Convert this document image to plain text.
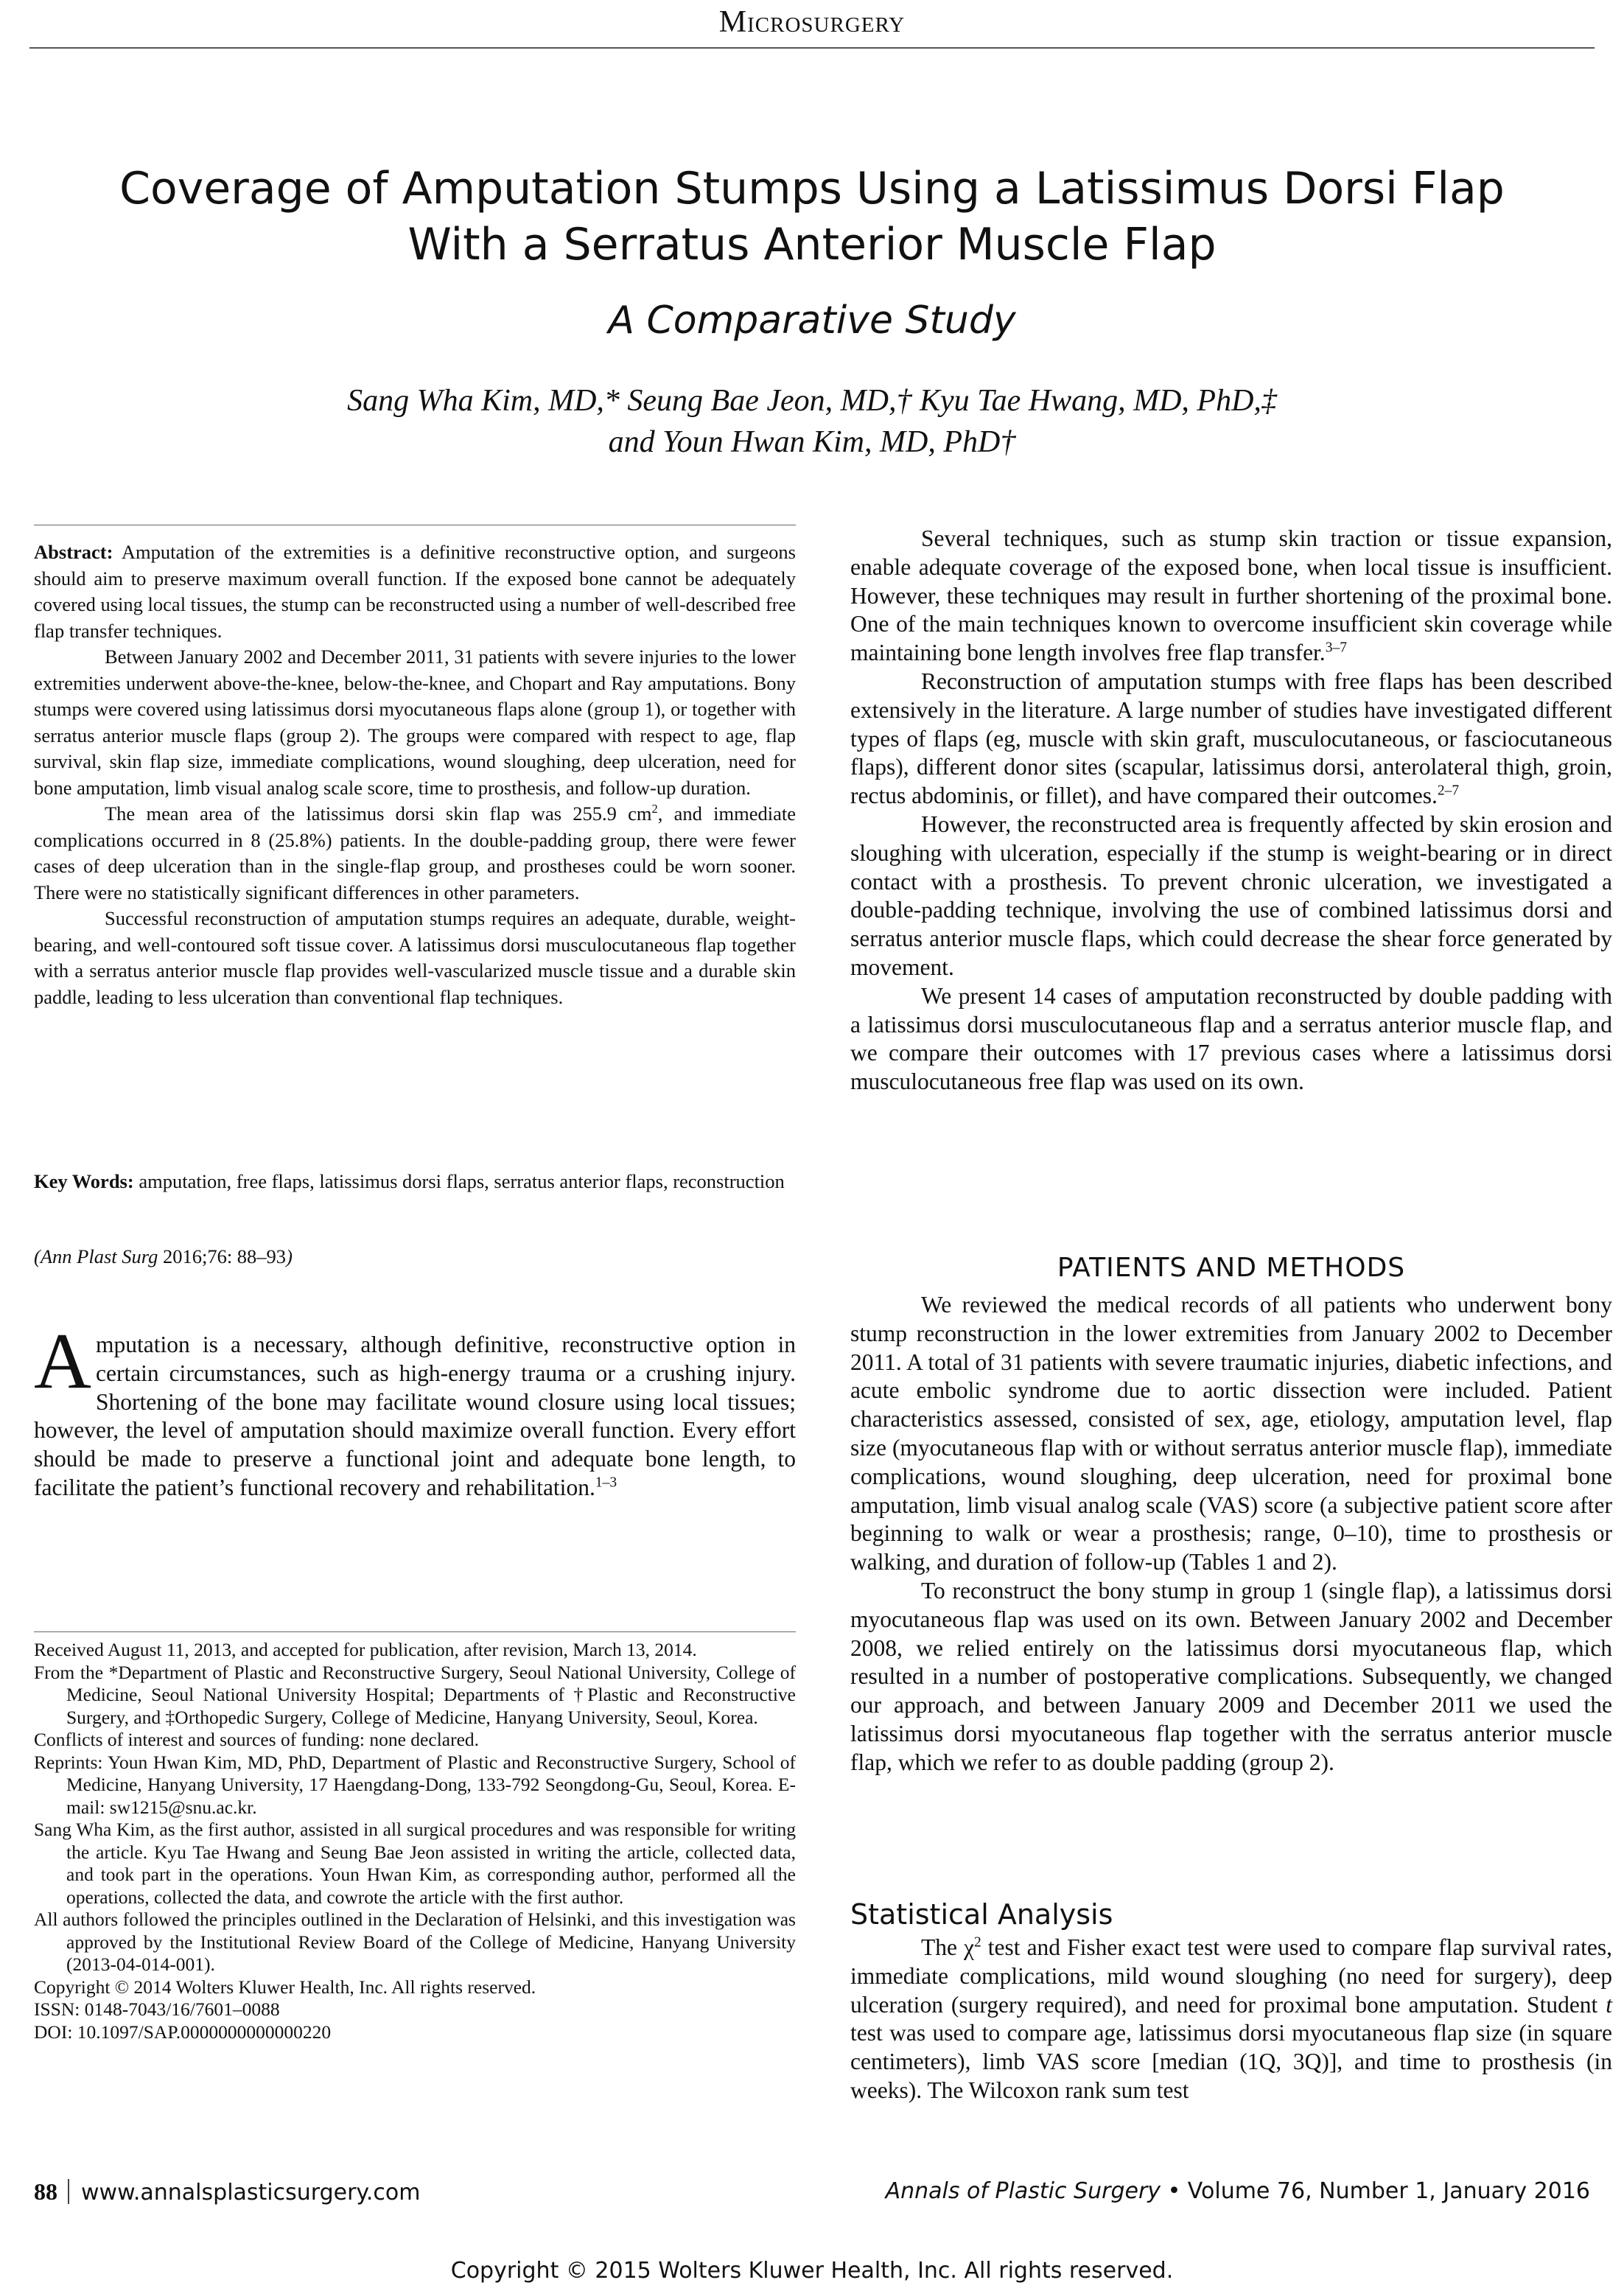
Microsurgery
Coverage of Amputation Stumps Using a Latissimus Dorsi Flap With a Serratus Anterior Muscle Flap
A Comparative Study
Sang Wha Kim, MD,* Seung Bae Jeon, MD,† Kyu Tae Hwang, MD, PhD,‡
and Youn Hwan Kim, MD, PhD†

Abstract: Amputation of the extremities is a definitive reconstructive option, and surgeons should aim to preserve maximum overall function. If the exposed bone cannot be adequately covered using local tissues, the stump can be reconstructed using a number of well-described free flap transfer techniques.

Between January 2002 and December 2011, 31 patients with severe injuries to the lower extremities underwent above-the-knee, below-the-knee, and Chopart and Ray amputations. Bony stumps were covered using latissimus dorsi myocutaneous flaps alone (group 1), or together with serratus anterior muscle flaps (group 2). The groups were compared with respect to age, flap survival, skin flap size, immediate complications, wound sloughing, deep ulceration, need for bone amputation, limb visual analog scale score, time to prosthesis, and follow-up duration.

The mean area of the latissimus dorsi skin flap was 255.9 $cm^2$, and immediate complications occurred in 8 (25.8%) patients. In the double-padding group, there were fewer cases of deep ulceration than in the single-flap group, and prostheses could be worn sooner. There were no statistically significant differences in other parameters.

Successful reconstruction of amputation stumps requires an adequate, durable, weight-bearing, and well-contoured soft tissue cover. A latissimus dorsi musculocutaneous flap together with a serratus anterior muscle flap provides well-vascularized muscle tissue and a durable skin paddle, leading to less ulceration than conventional flap techniques.

Key Words: amputation, free flaps, latissimus dorsi flaps, serratus anterior flaps, reconstruction
(Ann Plast Surg 2016;76: 88–93)

Amputation is a necessary, although definitive, reconstructive option in certain circumstances, such as high-energy trauma or a crushing injury. Shortening of the bone may facilitate wound closure using local tissues; however, the level of amputation should maximize overall function. Every effort should be made to preserve a functional joint and adequate bone length, to facilitate the patient’s functional recovery and rehabilitation.$^{1-3}$

Received August 11, 2013, and accepted for publication, after revision, March 13, 2014.

From the *Department of Plastic and Reconstructive Surgery, Seoul National University, College of Medicine, Seoul National University Hospital; Departments of †Plastic and Reconstructive Surgery, and ‡Orthopedic Surgery, College of Medicine, Hanyang University, Seoul, Korea.

Conflicts of interest and sources of funding: none declared.

Reprints: Youn Hwan Kim, MD, PhD, Department of Plastic and Reconstructive Surgery, School of Medicine, Hanyang University, 17 Haengdang-Dong, 133-792 Seongdong-Gu, Seoul, Korea. E-mail: sw1215@snu.ac.kr.

Sang Wha Kim, as the first author, assisted in all surgical procedures and was responsible for writing the article. Kyu Tae Hwang and Seung Bae Jeon assisted in writing the article, collected data, and took part in the operations. Youn Hwan Kim, as corresponding author, performed all the operations, collected the data, and cowrote the article with the first author.

All authors followed the principles outlined in the Declaration of Helsinki, and this investigation was approved by the Institutional Review Board of the College of Medicine, Hanyang University (2013-04-014-001).

Copyright © 2014 Wolters Kluwer Health, Inc. All rights reserved.

ISSN: 0148-7043/16/7601–0088

DOI: 10.1097/SAP.0000000000000220

Several techniques, such as stump skin traction or tissue expansion, enable adequate coverage of the exposed bone, when local tissue is insufficient. However, these techniques may result in further shortening of the proximal bone. One of the main techniques known to overcome insufficient skin coverage while maintaining bone length involves free flap transfer.$^{3-7}$

Reconstruction of amputation stumps with free flaps has been described extensively in the literature. A large number of studies have investigated different types of flaps (eg, muscle with skin graft, musculocutaneous, or fasciocutaneous flaps), different donor sites (scapular, latissimus dorsi, anterolateral thigh, groin, rectus abdominis, or fillet), and have compared their outcomes.$^{2-7}$

However, the reconstructed area is frequently affected by skin erosion and sloughing with ulceration, especially if the stump is weight-bearing or in direct contact with a prosthesis. To prevent chronic ulceration, we investigated a double-padding technique, involving the use of combined latissimus dorsi and serratus anterior muscle flaps, which could decrease the shear force generated by movement.

We present 14 cases of amputation reconstructed by double padding with a latissimus dorsi musculocutaneous flap and a serratus anterior muscle flap, and we compare their outcomes with 17 previous cases where a latissimus dorsi musculocutaneous free flap was used on its own.

PATIENTS AND METHODS

We reviewed the medical records of all patients who underwent bony stump reconstruction in the lower extremities from January 2002 to December 2011. A total of 31 patients with severe traumatic injuries, diabetic infections, and acute embolic syndrome due to aortic dissection were included. Patient characteristics assessed, consisted of sex, age, etiology, amputation level, flap size (myocutaneous flap with or without serratus anterior muscle flap), immediate complications, wound sloughing, deep ulceration, need for proximal bone amputation, limb visual analog scale (VAS) score (a subjective patient score after beginning to walk or wear a prosthesis; range, 0–10), time to prosthesis or walking, and duration of follow-up (Tables 1 and 2).

To reconstruct the bony stump in group 1 (single flap), a latissimus dorsi myocutaneous flap was used on its own. Between January 2002 and December 2008, we relied entirely on the latissimus dorsi myocutaneous flap, which resulted in a number of postoperative complications. Subsequently, we changed our approach, and between January 2009 and December 2011 we used the latissimus dorsi myocutaneous flap together with the serratus anterior muscle flap, which we refer to as double padding (group 2).

Statistical Analysis

The $\chi^2$ test and Fisher exact test were used to compare flap survival rates, immediate complications, mild wound sloughing (no need for surgery), deep ulceration (surgery required), and need for proximal bone amputation. Student t test was used to compare age, latissimus dorsi myocutaneous flap size (in square centimeters), limb VAS score [median (1Q, 3Q)], and time to prosthesis (in weeks). The Wilcoxon rank sum test

88 www.annalsplasticsurgery.com	Annals of Plastic Surgery • Volume 76, Number 1, January 2016
Copyright © 2015 Wolters Kluwer Health, Inc. All rights reserved.
